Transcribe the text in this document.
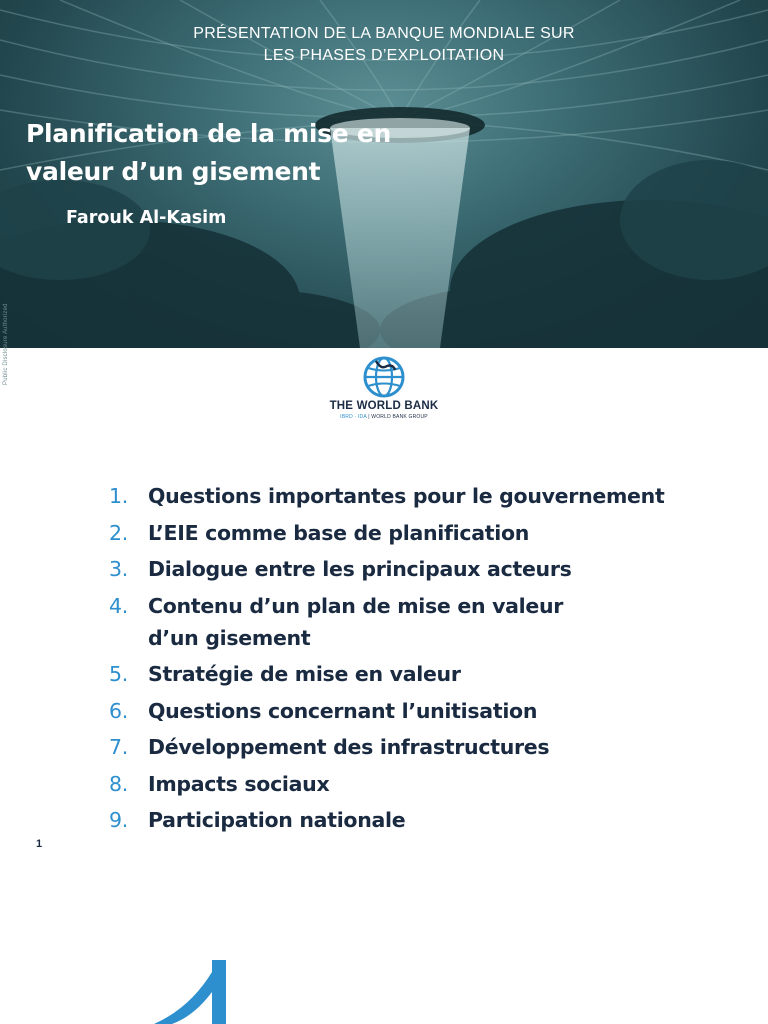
Public Disclosure Authorized
PRÉSENTATION DE LA BANQUE MONDIALE SUR
LES PHASES D’EXPLOITATION
Planification de la mise en
valeur d’un gisement
Farouk Al-Kasim
THE WORLD BANK
IBRD · IDA | WORLD BANK GROUP
1. Questions importantes pour le gouvernement
2. L’EIE comme base de planification
3. Dialogue entre les principaux acteurs
4. Contenu d’un plan de mise en valeur d’un gisement
5. Stratégie de mise en valeur
6. Questions concernant l’unitisation
7. Développement des infrastructures
8. Impacts sociaux
9. Participation nationale
1
